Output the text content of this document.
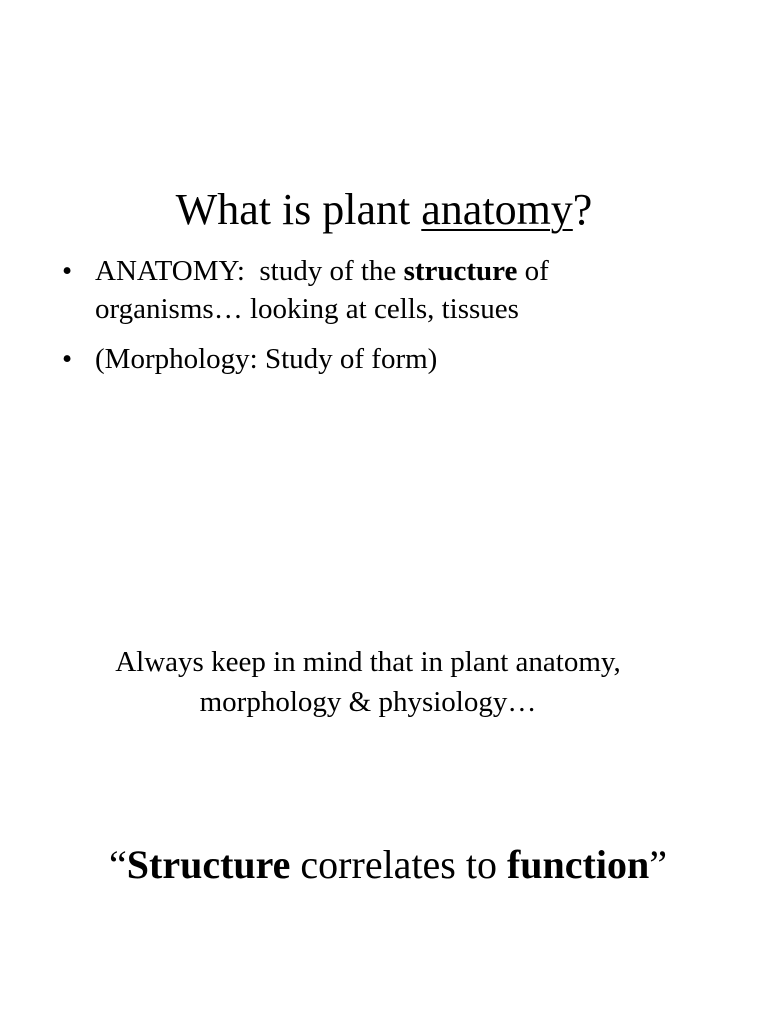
What is plant anatomy?
• ANATOMY:  study of the structure of
organisms… looking at cells, tissues
• (Morphology: Study of form)
Always keep in mind that in plant anatomy,
morphology & physiology…
“Structure correlates to function”
